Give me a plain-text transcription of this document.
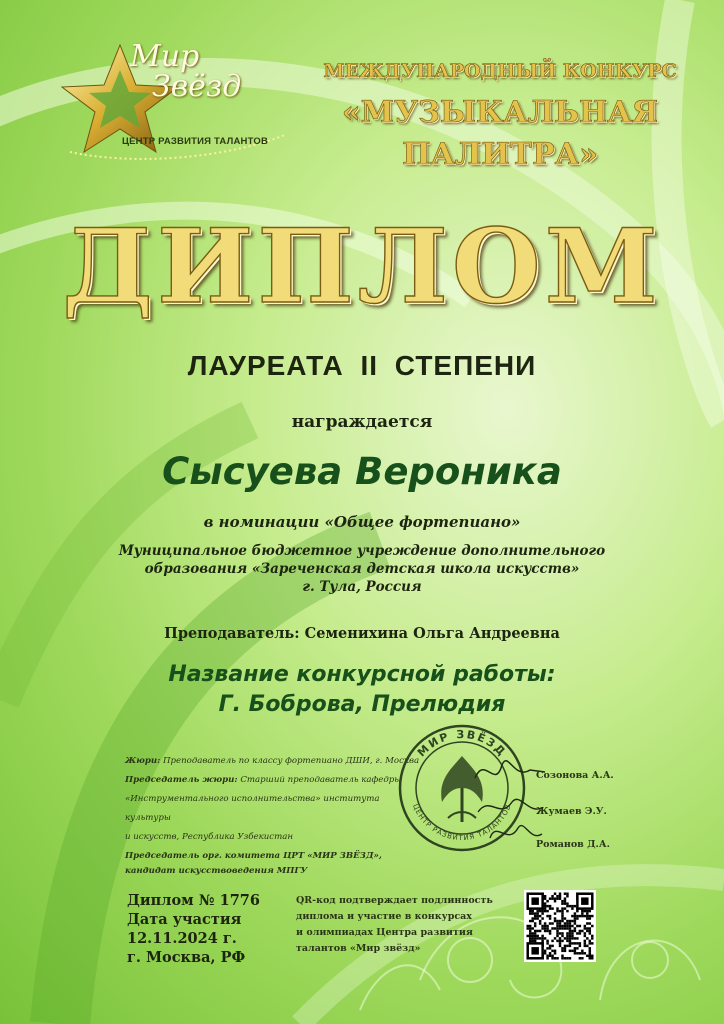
Мир
Звёзд
ЦЕНТР РАЗВИТИЯ ТАЛАНТОВ
МЕЖДУНАРОДНЫЙ КОНКУРС
«МУЗЫКАЛЬНАЯ
ПАЛИТРА»
ДИПЛОМ
ЛАУРЕАТА II СТЕПЕНИ
награждается
Сысуева Вероника
в номинации «Общее фортепиано»
Муниципальное бюджетное учреждение дополнительного
образования «Зареченская детская школа искусств»
г. Тула, Россия
Преподаватель: Семенихина Ольга Андреевна
Название конкурсной работы:
Г. Боброва, Прелюдия
Жюри: Преподаватель по классу фортепиано ДШИ, г. Москва
Председатель жюри: Старший преподаватель кафедры
«Инструментального исполнительства» института культуры
и искусств, Республика Узбекистан
Председатель орг. комитета ЦРТ «МИР ЗВЁЗД»,
кандидат искусствоведения МПГУ
МИР ЗВЁЗД
ЦЕНТР РАЗВИТИЯ ТАЛАНТОВ
Созонова А.А.
Жумаев Э.У.
Романов Д.А.
Диплом № 1776
Дата участия
12.11.2024 г.
г. Москва, РФ
QR-код подтверждает подлинность
диплома и участие в конкурсах
и олимпиадах Центра развития
талантов «Мир звёзд»
